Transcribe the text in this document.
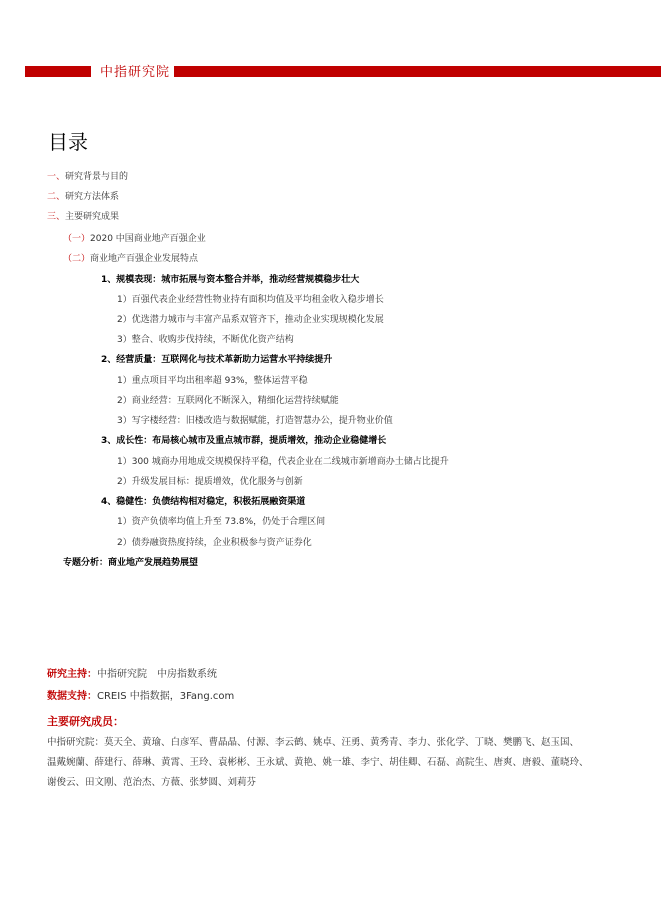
中指研究院
目录
一、研究背景与目的
二、研究方法体系
三、主要研究成果
（一）2020 中国商业地产百强企业
（二）商业地产百强企业发展特点
1、规模表现：城市拓展与资本整合并举，推动经营规模稳步壮大
1）百强代表企业经营性物业持有面积均值及平均租金收入稳步增长
2）优选潜力城市与丰富产品系双管齐下，推动企业实现规模化发展
3）整合、收购步伐持续，不断优化资产结构
2、经营质量：互联网化与技术革新助力运营水平持续提升
1）重点项目平均出租率超 93%，整体运营平稳
2）商业经营：互联网化不断深入，精细化运营持续赋能
3）写字楼经营：旧楼改造与数据赋能，打造智慧办公，提升物业价值
3、成长性：布局核心城市及重点城市群，提质增效，推动企业稳健增长
1）300 城商办用地成交规模保持平稳，代表企业在二线城市新增商办土储占比提升
2）升级发展目标：提质增效，优化服务与创新
4、稳健性：负债结构相对稳定，积极拓展融资渠道
1）资产负债率均值上升至 73.8%，仍处于合理区间
2）债券融资热度持续，企业积极参与资产证券化
专题分析：商业地产发展趋势展望
研究主持：中指研究院　中房指数系统
数据支持：CREIS 中指数据，3Fang.com
主要研究成员：
中指研究院：莫天全、黄瑜、白彦军、曹晶晶、付源、李云鹤、姚卓、汪勇、黄秀青、李力、张化学、丁晓、樊鹏飞、赵玉国、
温戴婉蘭、薛建行、薛琳、黄霄、王玲、袁彬彬、王永斌、黄艳、姚一雄、李宁、胡佳卿、石磊、高院生、唐爽、唐毅、董晓玲、
谢俊云、田文刚、范治杰、方薇、张梦圆、刘莉芬
